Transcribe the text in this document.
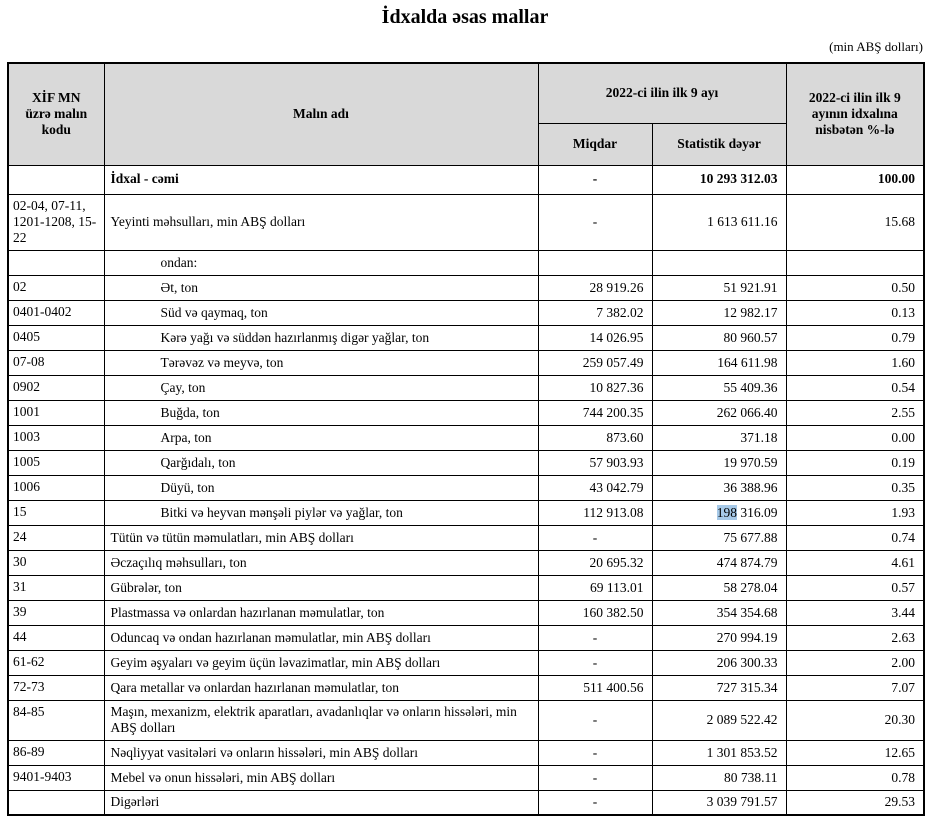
İdxalda əsas mallar
(min ABŞ dolları)
XİF MN üzrə malın kodu	Malın adı	2022-ci ilin ilk 9 ayı		2022-ci ilin ilk 9 ayının idxalına nisbətən %-lə
		Miqdar	Statistik dəyər	
	İdxal - cəmi	-	10 293 312.03	100.00
02-04, 07-11, 1201-1208, 15-22	Yeyinti məhsulları, min ABŞ dolları	-	1 613 611.16	15.68
	ondan:			
02	Ət, ton	28 919.26	51 921.91	0.50
0401-0402	Süd və qaymaq, ton	7 382.02	12 982.17	0.13
0405	Kərə yağı və süddən hazırlanmış digər yağlar, ton	14 026.95	80 960.57	0.79
07-08	Tərəvəz və meyvə, ton	259 057.49	164 611.98	1.60
0902	Çay, ton	10 827.36	55 409.36	0.54
1001	Buğda, ton	744 200.35	262 066.40	2.55
1003	Arpa, ton	873.60	371.18	0.00
1005	Qarğıdalı, ton	57 903.93	19 970.59	0.19
1006	Düyü, ton	43 042.79	36 388.96	0.35
15	Bitki və heyvan mənşəli piylər və yağlar, ton	112 913.08	198 316.09	1.93
24	Tütün və tütün məmulatları, min ABŞ dolları	-	75 677.88	0.74
30	Əczaçılıq məhsulları, ton	20 695.32	474 874.79	4.61
31	Gübrələr, ton	69 113.01	58 278.04	0.57
39	Plastmassa və onlardan hazırlanan məmulatlar, ton	160 382.50	354 354.68	3.44
44	Oduncaq və ondan hazırlanan məmulatlar, min ABŞ dolları	-	270 994.19	2.63
61-62	Geyim əşyaları və geyim üçün ləvazimatlar, min ABŞ dolları	-	206 300.33	2.00
72-73	Qara metallar və onlardan hazırlanan məmulatlar, ton	511 400.56	727 315.34	7.07
84-85	Maşın, mexanizm, elektrik aparatları, avadanlıqlar və onların hissələri, min ABŞ dolları	-	2 089 522.42	20.30
86-89	Nəqliyyat vasitələri və onların hissələri, min ABŞ dolları	-	1 301 853.52	12.65
9401-9403	Mebel və onun hissələri, min ABŞ dolları	-	80 738.11	0.78
	Digərləri	-	3 039 791.57	29.53
